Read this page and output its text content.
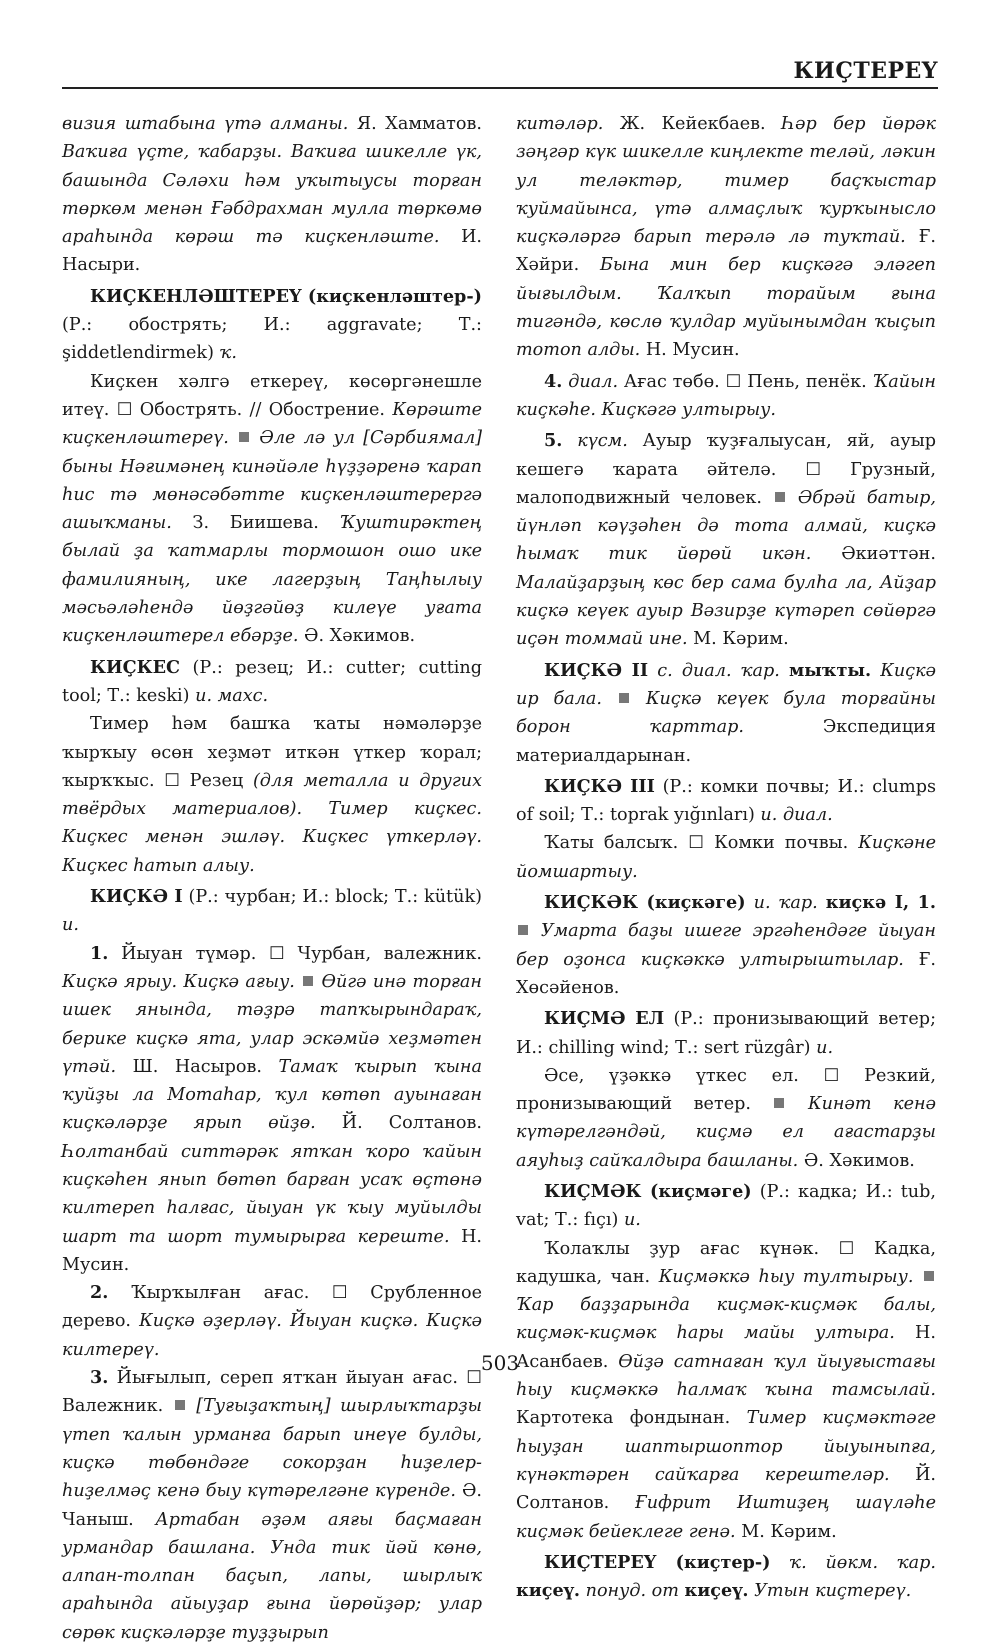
КИҪТЕРЕҮ

визия штабына үтә алманы. Я. Хамматов. Ваҡиға үҫте, ҡабарҙы. Ваҡиға шикелле үк, башында Сәләхи һәм уҡытыусы торған төркөм менән Ғәбдрахман мулла төркөмө араһында көрәш тә киҫкенләште. И. Насыри.

КИҪКЕНЛӘШТЕРЕҮ (киҫкенләштер-) (Р.: обострять; И.: aggravate; Т.: şiddetlendirmek) ҡ.

Киҫкен хәлгә еткереү, көсөргәнешле итеү. ☐ Обострять. // Обострение. Көрәште киҫкенләштереү. Әле лә ул [Сәрбиямал] быны Нәғимәнең кинәйәле һүҙҙәренә ҡарап һис тә мөнәсәбәтте киҫкенләштерергә ашыҡманы. З. Биишева. Ҡуштирәктең былай ҙа ҡатмарлы тормошон ошо ике фамилияның, ике лагерҙың Таңһылыу мәсьәләһендә йөҙгәйөҙ килеүе уғата киҫкенләштерел ебәрҙе. Ә. Хәкимов.

КИҪКЕС (Р.: резец; И.: cutter; cutting tool; Т.: keski) и. махс.

Тимер һәм башҡа ҡаты нәмәләрҙе ҡырҡыу өсөн хеҙмәт иткән үткер ҡорал; ҡырҡҡыс. ☐ Резец (для металла и других твёрдых материалов). Тимер киҫкес. Киҫкес менән эшләү. Киҫкес үткерләү. Киҫкес һатып алыу.

КИҪКӘ I (Р.: чурбан; И.: block; Т.: kütük) и.

1. Йыуан түмәр. ☐ Чурбан, валежник. Киҫкә ярыу. Киҫкә ағыу. Өйгә инә торған ишек янында, тәҙрә тапҡырындараҡ, берике киҫкә ята, улар эскәмйә хеҙмәтен үтәй. Ш. Насыров. Тамаҡ ҡырып ҡына ҡуйҙы ла Мотаһар, ҡул көтөп ауынаған киҫкәләрҙе ярып өйҙө. Й. Солтанов. Һолтанбай ситтәрәк ятҡан ҡоро ҡайын киҫкәһен янып бөтөп барған усаҡ өҫтөнә килтереп һалғас, йыуан үк ҡыу муйылды шарт та шорт тумырырға кереште. Н. Мусин.

2. Ҡырҡылған ағас. ☐ Срубленное дерево. Киҫкә әҙерләү. Йыуан киҫкә. Киҫкә килтереү.

3. Йығылып, сереп ятҡан йыуан ағас. ☐ Валежник.  [Туғыҙаҡтың] шырлыҡтарҙы үтеп ҡалын урманға барып инеүе булды, киҫкә төбөндәге сокорҙан һиҙелер-һиҙелмәҫ кенә быу күтәрелгәне күренде. Ә. Чаныш. Артабан әҙәм аяғы баҫмаған урмандар башлана. Унда тик йәй көнө, алпан-толпан баҫып, лапы, шырлыҡ араһында айыуҙар ғына йөрөйҙәр; улар сөрөк киҫкәләрҙе туҙҙырып

китәләр. Ж. Кейекбаев. Һәр бер йөрәк зәңгәр күк шикелле киңлекте теләй, ләкин ул теләктәр, тимер баҫҡыстар ҡуймайынса, үтә алмаҫлыҡ ҡурҡынысло киҫкәләргә барып терәлә лә туҡтай. Ғ. Хәйри. Бына мин бер киҫкәгә эләгеп йығылдым. Ҡалҡып торайым ғына тигәндә, көслө ҡулдар муйынымдан ҡыҫып тотоп алды. Н. Мусин.

4. диал. Ағас төбө. ☐ Пень, пенёк. Ҡайын киҫкәһе. Киҫкәгә ултырыу.

5. күсм. Ауыр ҡуҙғалыусан, яй, ауыр кешегә ҡарата әйтелә. ☐ Грузный, малоподвижный человек.  Әбрәй батыр, йүнләп кәүҙәһен дә тота алмай, киҫкә һымаҡ тик йөрөй икән. Әкиәттән. Малайҙарҙың көс бер сама булһа ла, Айҙар киҫкә кеүек ауыр Вәзирҙе күтәреп сөйөргә иҫән томмай ине. М. Кәрим.

КИҪКӘ II с. диал. ҡар. мыҡты. Киҫкә ир бала. Киҫкә кеүек була торғайны борон ҡарттар. Экспедиция материалдарынан.

КИҪКӘ III (Р.: комки почвы; И.: clumps of soil; Т.: toprak yığınları) и. диал.

Ҡаты балсыҡ. ☐ Комки почвы. Киҫкәне йомшартыу.

КИҪКӘК (киҫкәге) и. ҡар. киҫкә I, 1.  Умарта баҙы ишеге эргәһендәге йыуан бер оҙонса киҫкәккә ултырыштылар. Ғ. Хөсәйенов.

КИҪМӘ ЕЛ (Р.: пронизывающий ветер; И.: chilling wind; Т.: sert rüzgâr) и.

Әсе, үҙәккә үткес ел. ☐ Резкий, пронизывающий ветер.  Кинәт кенә күтәрелгәндәй, киҫмә ел ағастарҙы аяуһыҙ сайҡалдыра башланы. Ә. Хәкимов.

КИҪМӘК (киҫмәге) (Р.: кадка; И.: tub, vat; Т.: fıçı) и.

Ҡолаҡлы ҙур ағас күнәк. ☐ Кадка, кадушка, чан. Киҫмәккә һыу тултырыу.  Ҡар баҙҙарында киҫмәк-киҫмәк балы, киҫмәк-киҫмәк һары майы ултыра. Н. Асанбаев. Өйҙә сатнаған ҡул йыуғыстағы һыу киҫмәккә һалмаҡ ҡына тамсылай. Картотека фондынан. Тимер киҫмәктәге һыуҙан шаптыршоптор йыуыныпға, күнәктәрен сайҡарға керештеләр. Й. Солтанов. Ғифрит Иштиҙең шаүләһе киҫмәк бейеклеге генә. М. Кәрим.

КИҪТЕРЕҮ (киҫтер-) ҡ. йөкм. ҡар. киҫеү. понуд. от киҫеү. Утын киҫтереү.

503
